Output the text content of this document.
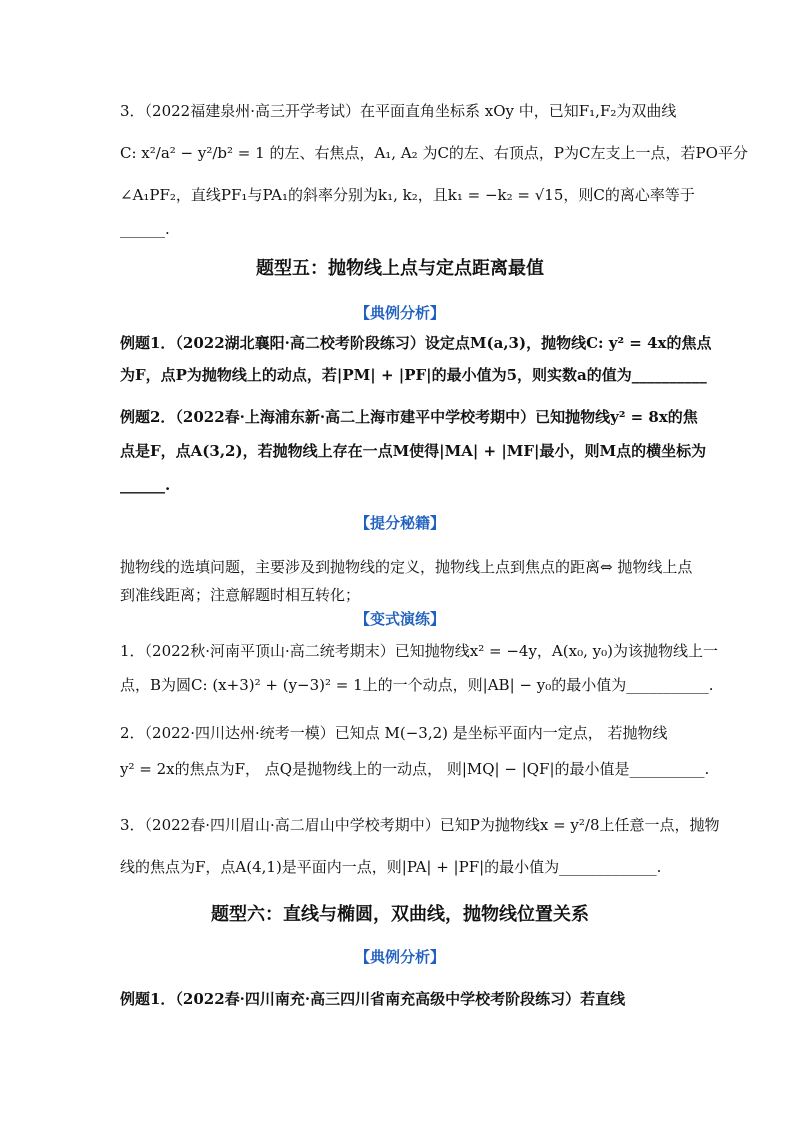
3．（2022福建泉州·高三开学考试）在平面直角坐标系 xOy 中，已知F₁,F₂为双曲线
C: x²/a² − y²/b² = 1 的左、右焦点，A₁, A₂ 为C的左、右顶点，P为C左支上一点，若PO平分
∠A₁PF₂，直线PF₁与PA₁的斜率分别为k₁, k₂，且k₁ = −k₂ = √15，则C的离心率等于
______.
题型五：抛物线上点与定点距离最值
【典例分析】
例题1．（2022湖北襄阳·高二校考阶段练习）设定点M(a,3)，抛物线C: y² = 4x的焦点
为F，点P为抛物线上的动点，若|PM| + |PF|的最小值为5，则实数a的值为__________
例题2．（2022春·上海浦东新·高二上海市建平中学校考期中）已知抛物线y² = 8x的焦
点是F，点A(3,2)，若抛物线上存在一点M使得|MA| + |MF|最小，则M点的横坐标为
______.
【提分秘籍】
抛物线的选填问题，主要涉及到抛物线的定义，抛物线上点到焦点的距离⇔ 抛物线上点
到准线距离；注意解题时相互转化；
【变式演练】
1．（2022秋·河南平顶山·高二统考期末）已知抛物线x² = −4y，A(x₀, y₀)为该抛物线上一
点，B为圆C: (x+3)² + (y−3)² = 1上的一个动点，则|AB| − y₀的最小值为___________.
2．（2022·四川达州·统考一模）已知点 M(−3,2) 是坐标平面内一定点， 若抛物线
y² = 2x的焦点为F， 点Q是抛物线上的一动点， 则|MQ| − |QF|的最小值是__________.
3．（2022春·四川眉山·高二眉山中学校考期中）已知P为抛物线x = y²/8上任意一点，抛物
线的焦点为F，点A(4,1)是平面内一点，则|PA| + |PF|的最小值为_____________.
题型六：直线与椭圆，双曲线，抛物线位置关系
【典例分析】
例题1．（2022春·四川南充·高三四川省南充高级中学校考阶段练习）若直线
